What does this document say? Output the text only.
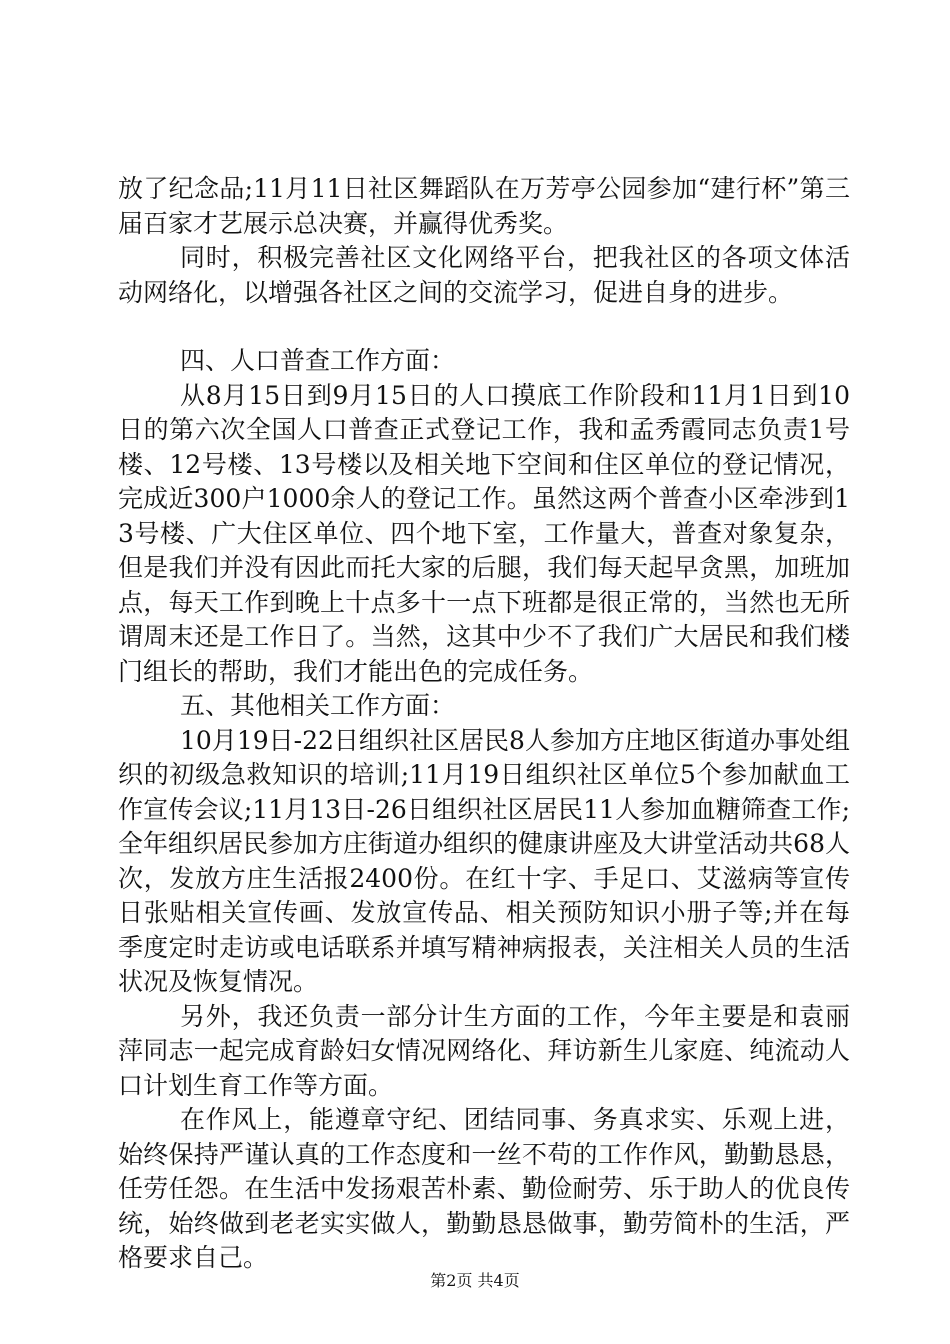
放了纪念品;11月11日社区舞蹈队在万芳亭公园参加“建行杯”第三届百家才艺展示总决赛，并赢得优秀奖。

同时，积极完善社区文化网络平台，把我社区的各项文体活动网络化，以增强各社区之间的交流学习，促进自身的进步。

四、人口普查工作方面：

从8月15日到9月15日的人口摸底工作阶段和11月1日到10日的第六次全国人口普查正式登记工作，我和孟秀霞同志负责1号楼、12号楼、13号楼以及相关地下空间和住区单位的登记情况，完成近300户1000余人的登记工作。虽然这两个普查小区牵涉到13号楼、广大住区单位、四个地下室，工作量大，普查对象复杂，但是我们并没有因此而托大家的后腿，我们每天起早贪黑，加班加点，每天工作到晚上十点多十一点下班都是很正常的，当然也无所谓周末还是工作日了。当然，这其中少不了我们广大居民和我们楼门组长的帮助，我们才能出色的完成任务。

五、其他相关工作方面：

10月19日-22日组织社区居民8人参加方庄地区街道办事处组织的初级急救知识的培训;11月19日组织社区单位5个参加献血工作宣传会议;11月13日-26日组织社区居民11人参加血糖筛查工作;全年组织居民参加方庄街道办组织的健康讲座及大讲堂活动共68人次，发放方庄生活报2400份。在红十字、手足口、艾滋病等宣传日张贴相关宣传画、发放宣传品、相关预防知识小册子等;并在每季度定时走访或电话联系并填写精神病报表，关注相关人员的生活状况及恢复情况。

另外，我还负责一部分计生方面的工作，今年主要是和袁丽萍同志一起完成育龄妇女情况网络化、拜访新生儿家庭、纯流动人口计划生育工作等方面。

在作风上，能遵章守纪、团结同事、务真求实、乐观上进，始终保持严谨认真的工作态度和一丝不苟的工作作风，勤勤恳恳，任劳任怨。在生活中发扬艰苦朴素、勤俭耐劳、乐于助人的优良传统，始终做到老老实实做人，勤勤恳恳做事，勤劳简朴的生活，严格要求自己。

第2页 共4页
